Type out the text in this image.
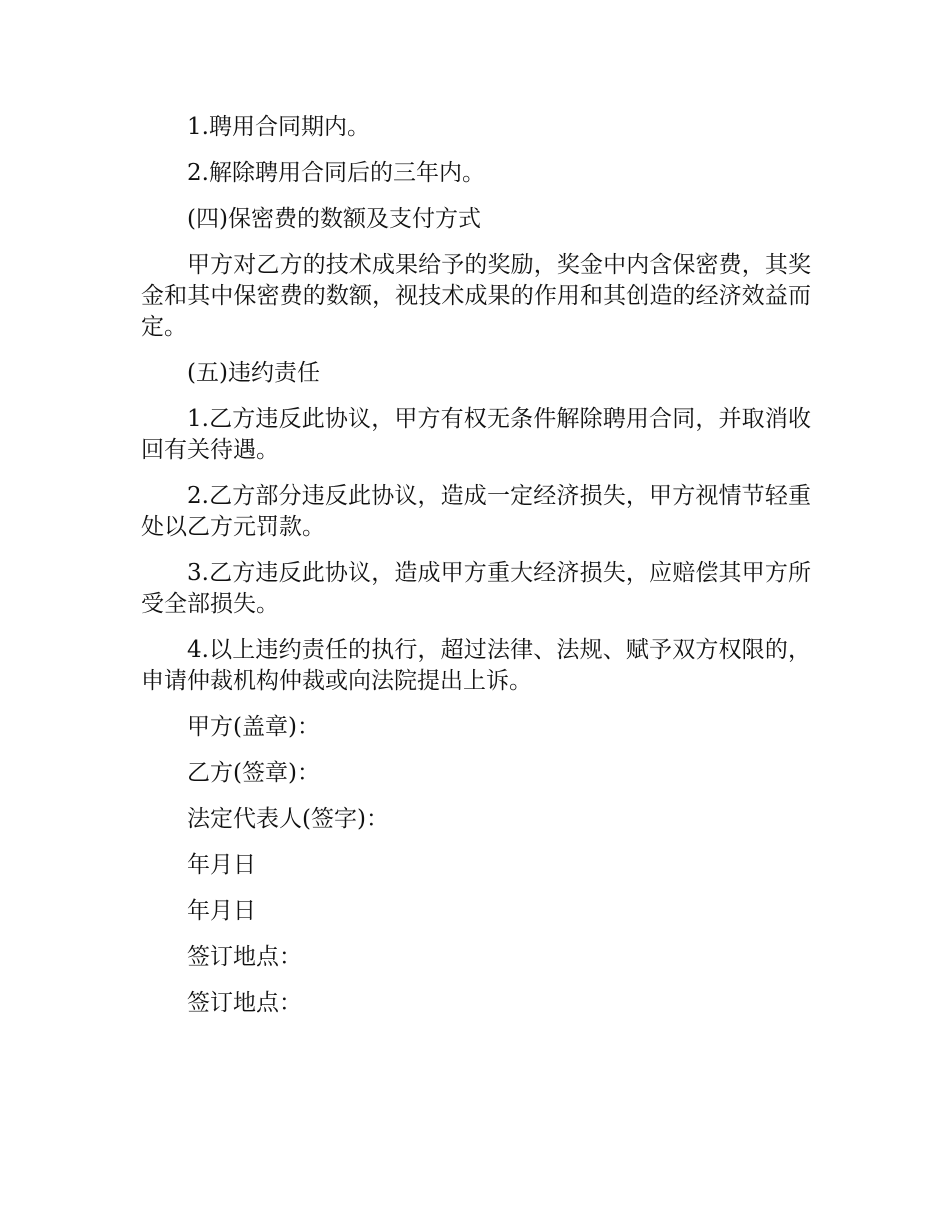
1.聘用合同期内。

2.解除聘用合同后的三年内。

(四)保密费的数额及支付方式

甲方对乙方的技术成果给予的奖励，奖金中内含保密费，其奖金和其中保密费的数额，视技术成果的作用和其创造的经济效益而定。

(五)违约责任

1.乙方违反此协议，甲方有权无条件解除聘用合同，并取消收回有关待遇。

2.乙方部分违反此协议，造成一定经济损失，甲方视情节轻重处以乙方元罚款。

3.乙方违反此协议，造成甲方重大经济损失，应赔偿其甲方所受全部损失。

4.以上违约责任的执行，超过法律、法规、赋予双方权限的，申请仲裁机构仲裁或向法院提出上诉。

甲方(盖章)：

乙方(签章)：

法定代表人(签字)：

年月日

年月日

签订地点：

签订地点：
